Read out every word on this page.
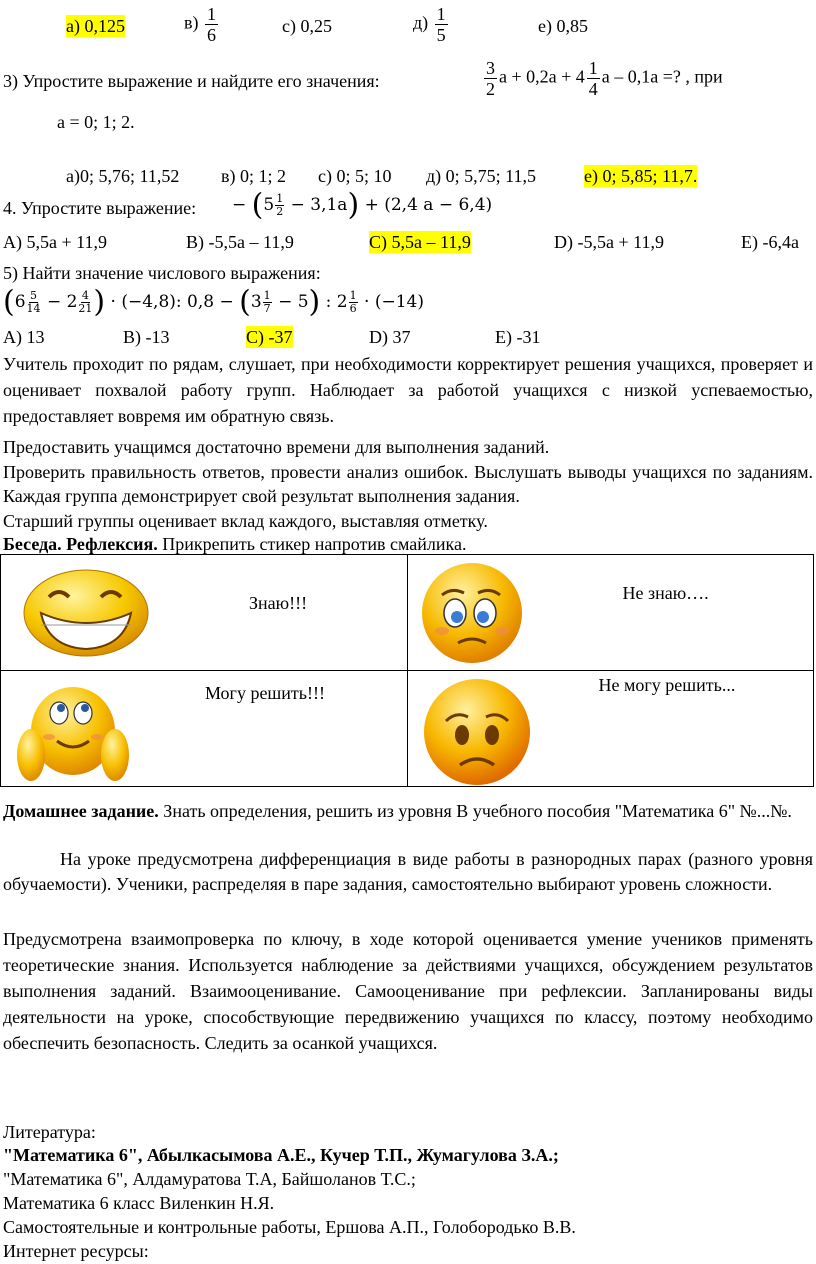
а) 0,125	$в) \frac{1}{6}$	с) 0,25	$д) \frac{1}{5}$	е) 0,85
3) Упростите выражение и найдите его значения:	$\frac{3}{2}$ $а + 0,2а + 4 \frac{1}{4}$ а – 0,1а =? , при
а = 0; 1; 2.
а)0; 5,76; 11,52 в) 0; 1; 2 с) 0; 5; 10 д) 0; 5,75; 11,5	е) 0; 5,85; 11,7.
4. Упростите выражение: − $(5 \frac{1}{2} - 3,1a) + (2,4$ a − 6,4)
А) 5,5а + 11,9	В) -5,5а – 11,9	С) 5,5а – 11,9	D) -5,5а + 11,9	Е) -6,4а
5) Найти значение числового выражения:
($6 \frac{5}{14} - 2 \frac{4}{21}$ ) · (−4,8): $0,8 - (3 \frac{1}{7} - 5)$ : $2 \frac{1}{6} \cdot (-14)$
А) 13	В) -13	С) -37	D) 37	Е) -31
Учитель проходит по рядам, слушает, при необходимости корректирует решения учащихся, проверяет и оценивает похвалой работу групп. Наблюдает за работой учащихся с низкой успеваемостью, предоставляет вовремя им обратную связь.
Предоставить учащимся достаточно времени для выполнения заданий.
Проверить правильность ответов, провести анализ ошибок. Выслушать выводы учащихся по заданиям. Каждая группа демонстрирует свой результат выполнения задания.
Старший группы оценивает вклад каждого, выставляя отметку.
Беседа. Рефлексия. Прикрепить стикер напротив смайлика.
Знаю!!!	Не знаю….

Могу решить!!!	Не могу решить...
Домашнее задание. Знать определения, решить из уровня В учебного пособия "Математика 6" №...№.
На уроке предусмотрена дифференциация в виде работы в разнородных парах (разного уровня обучаемости). Ученики, распределяя в паре задания, самостоятельно выбирают уровень сложности.
Предусмотрена взаимопроверка по ключу, в ходе которой оценивается умение учеников применять теоретические знания. Используется наблюдение за действиями учащихся, обсуждением результатов выполнения заданий. Взаимооценивание. Самооценивание при рефлексии. Запланированы виды деятельности на уроке, способствующие передвижению учащихся по классу, поэтому необходимо обеспечить безопасность. Следить за осанкой учащихся.
Литература:
"Математика 6", Абылкасымова А.Е., Кучер Т.П., Жумагулова З.А.;
"Математика 6", Алдамуратова Т.А, Байшоланов Т.С.;
Математика 6 класс Виленкин Н.Я.
Самостоятельные и контрольные работы, Ершова А.П., Голобородько В.В.
Интернет ресурсы:
